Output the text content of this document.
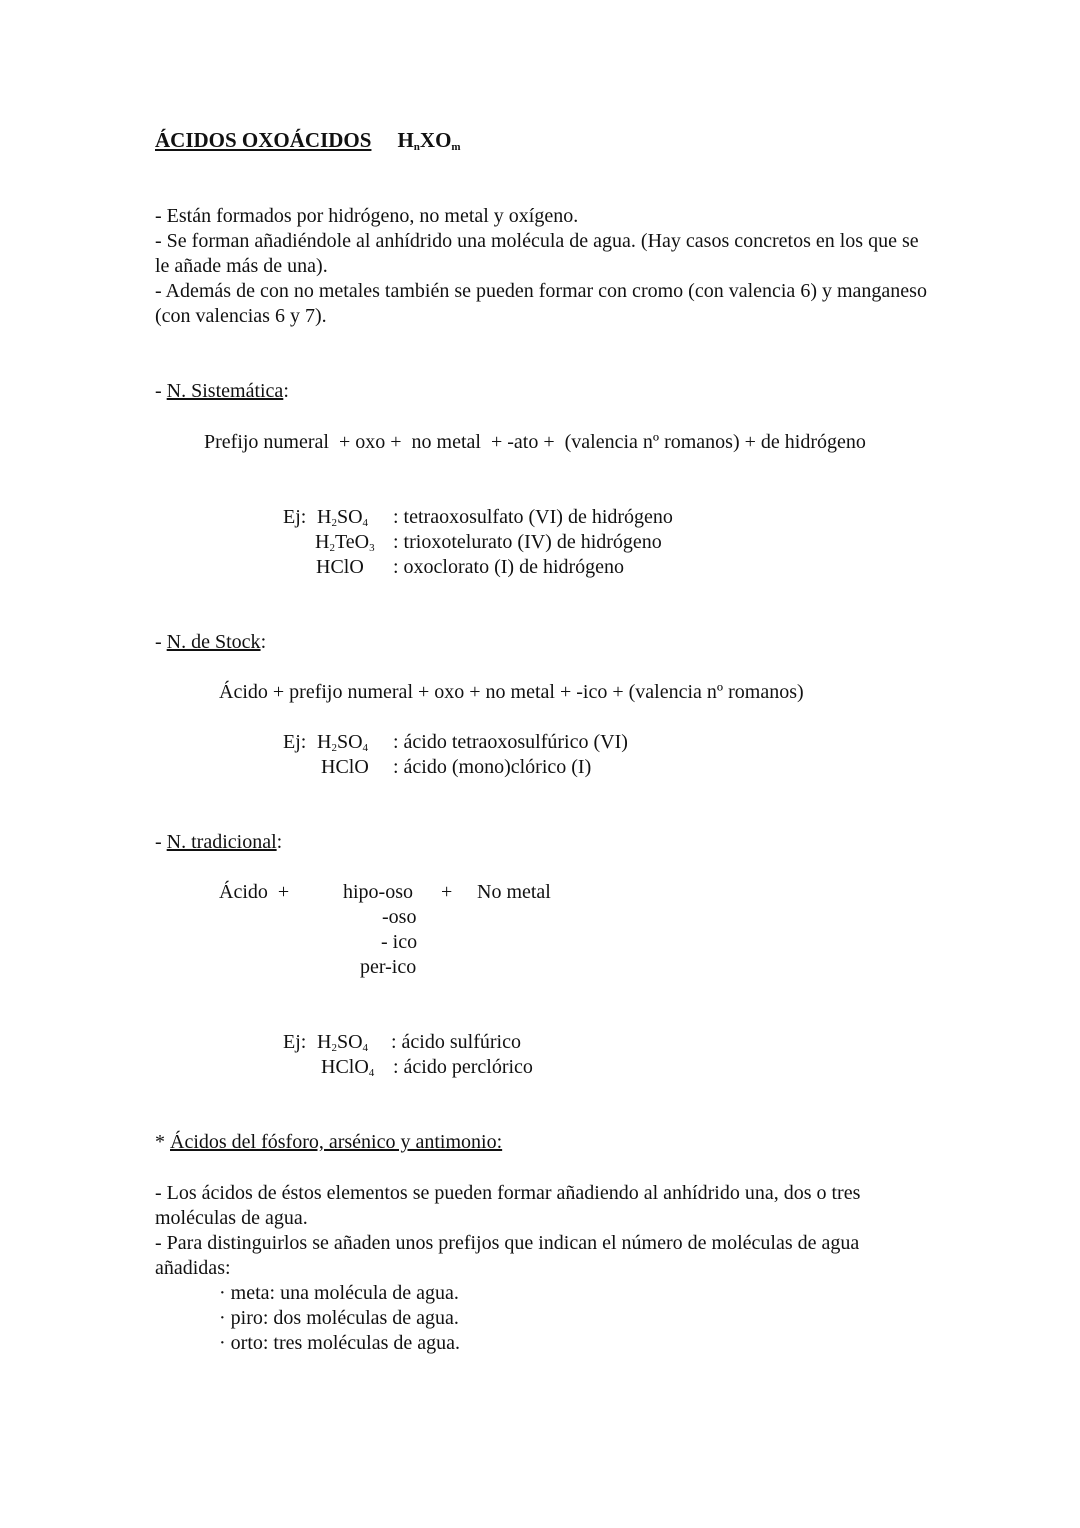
ÁCIDOS OXOÁCIDOS $H_nXO_m$
- Están formados por hidrógeno, no metal y oxígeno.
- Se forman añadiéndole al anhídrido una molécula de agua. (Hay casos concretos en los que se le añade más de una).
- Además de con no metales también se pueden formar con cromo (con valencia 6) y manganeso (con valencias 6 y 7).
- N. Sistemática:
Prefijo numeral  + oxo +  no metal  + -ato +  (valencia nº romanos) + de hidrógeno
Ej: $H_2SO_4$ : tetraoxosulfato (VI) de hidrógeno
$H_2TeO_3$ : trioxotelurato (IV) de hidrógeno
HClO : oxoclorato (I) de hidrógeno
- N. de Stock:
Ácido + prefijo numeral + oxo + no metal + -ico + (valencia nº romanos)
Ej: $H_2SO_4$ : ácido tetraoxosulfúrico (VI)
HClO : ácido (mono)clórico (I)
- N. tradicional:
Ácido  +	hipo-oso
-oso
- ico
per-ico
+ No metal
Ej: $H_2SO_4$ : ácido sulfúrico
HClO$_4$ : ácido perclórico
* Ácidos del fósforo, arsénico y antimonio:
- Los ácidos de éstos elementos se pueden formar añadiendo al anhídrido una, dos o tres moléculas de agua.
- Para distinguirlos se añaden unos prefijos que indican el número de moléculas de agua añadidas:
· meta: una molécula de agua.
· piro: dos moléculas de agua.
· orto: tres moléculas de agua.
